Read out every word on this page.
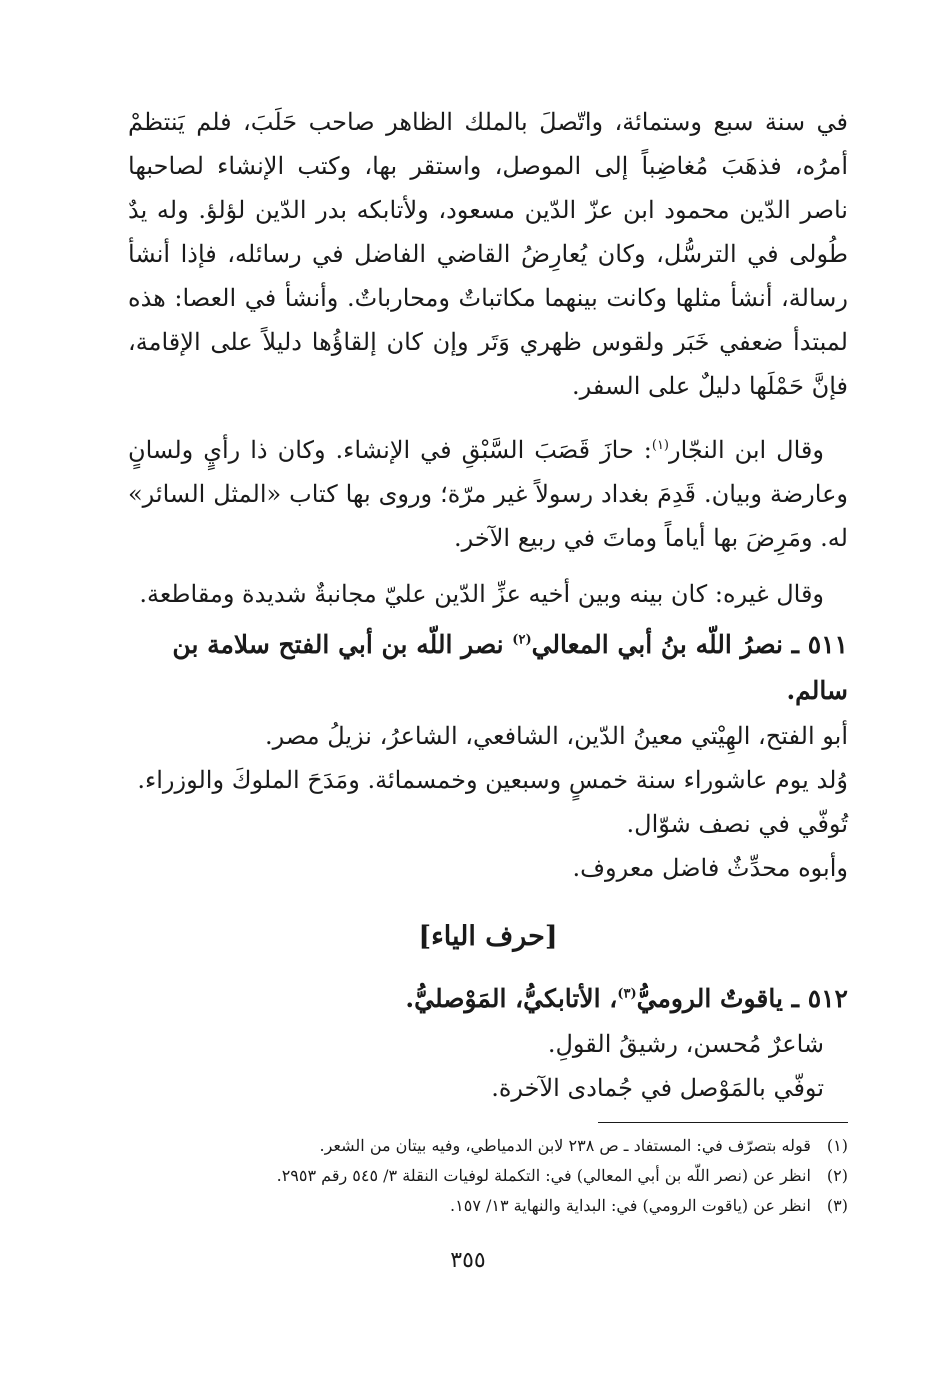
في سنة سبع وستمائة، واتّصلَ بالملك الظاهر صاحب حَلَبَ، فلم يَنتظمْ أمرُه، فذهَبَ مُغاضِباً إلى الموصل، واستقر بها، وكتب الإنشاء لصاحبها ناصر الدّين محمود ابن عزّ الدّين مسعود، ولأتابكه بدر الدّين لؤلؤ. وله يدٌ طُولى في الترسُّل، وكان يُعارِضُ القاضي الفاضل في رسائله، فإذا أنشأ رسالة، أنشأ مثلها وكانت بينهما مكاتباتٌ ومحارباتٌ. وأنشأ في العصا: هذه لمبتدأ ضعفي خَبَر ولقوس ظهري وَتَر وإن كان إلقاؤُها دليلاً على الإقامة، فإنَّ حَمْلَها دليلٌ على السفر.

وقال ابن النجّار$^{(١)}$: حازَ قَصَبَ السَّبْقِ في الإنشاء. وكان ذا رأيٍ ولسانٍ وعارضة وبيان. قَدِمَ بغداد رسولاً غير مرّة؛ وروى بها كتاب «المثل السائر» له. ومَرِضَ بها أياماً وماتَ في ربيع الآخر.

وقال غيره: كان بينه وبين أخيه عزِّ الدّين عليّ مجانبةٌ شديدة ومقاطعة.

٥١١ ـ نصرُ اللّه بنُ أبي المعالي$^{(٢)}$ نصر اللّه بن أبي الفتح سلامة بن سالم.

أبو الفتح، الهِيْتي معينُ الدّين، الشافعي، الشاعرُ، نزيلُ مصر.

وُلد يوم عاشوراء سنة خمسٍ وسبعين وخمسمائة. ومَدَحَ الملوكَ والوزراء.

تُوفّي في نصف شوّال.

وأبوه محدِّثٌ فاضل معروف.

[حرف الياء]

٥١٢ ـ ياقوتٌ الروميُّ$^{(٣)}$، الأتابكيُّ، المَوْصليُّ.

شاعرٌ مُحسن، رشيقُ القولِ.

توفّي بالمَوْصل في جُمادى الآخرة.

(١) قوله بتصرّف في: المستفاد ـ ص ٢٣٨ لابن الدمياطي، وفيه بيتان من الشعر.

(٢) انظر عن (نصر اللّه بن أبي المعالي) في: التكملة لوفيات النقلة ٣/ ٥٤٥ رقم ٢٩٥٣.

(٣) انظر عن (ياقوت الرومي) في: البداية والنهاية ١٣/ ١٥٧.

٣٥٥
